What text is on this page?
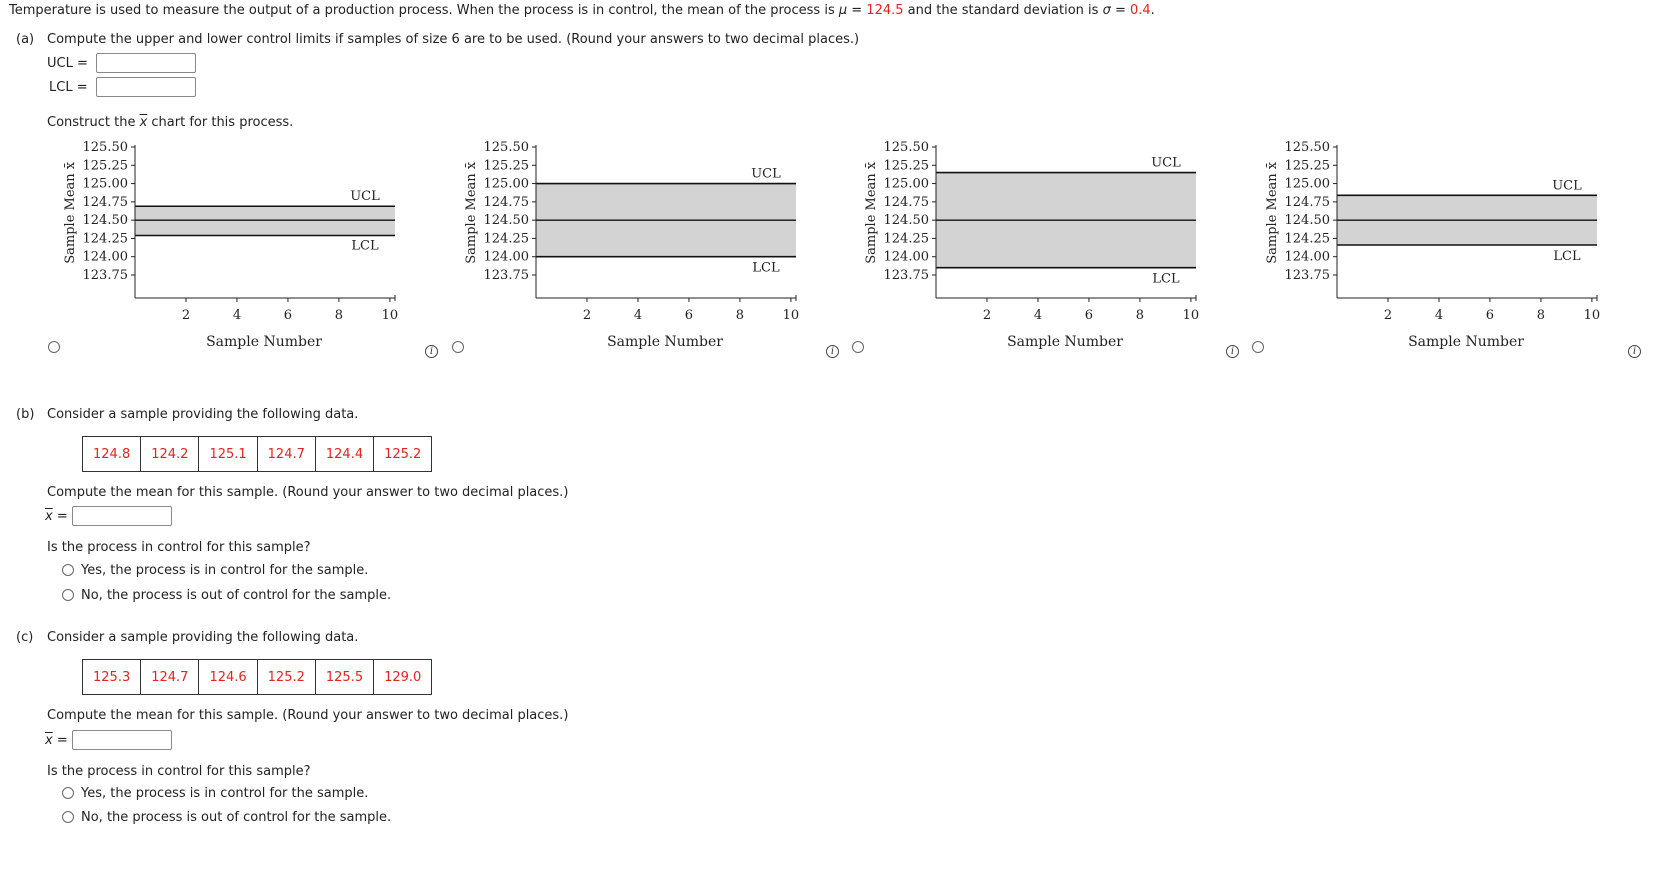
Temperature is used to measure the output of a production process. When the process is in control, the mean of the process is μ = 124.5 and the standard deviation is σ = 0.4.
(a) Compute the upper and lower control limits if samples of size 6 are to be used. (Round your answers to two decimal places.)
UCL =
LCL =
Construct the $\overline{x}$ chart for this process.
i
125.50
125.25
125.00
124.75
124.50
124.25
124.00
123.75
2	4	6	8	10
UCL
LCL
Sample Number
Sample Mean x̄
i
125.50
125.25
125.00
124.75
124.50
124.25
124.00
123.75
2	4	6	8	10
UCL
LCL
Sample Number
Sample Mean x̄
i
125.50
125.25
125.00
124.75
124.50
124.25
124.00
123.75
2	4	6	8	10
UCL
LCL
Sample Number
Sample Mean x̄
i
125.50
125.25
125.00
124.75
124.50
124.25
124.00
123.75
2	4	6	8	10
UCL
LCL
Sample Number
Sample Mean x̄
(b) Consider a sample providing the following data.
124.8	124.2	125.1	124.7	124.4	125.2
Compute the mean for this sample. (Round your answer to two decimal places.)
$\overline{x}$ =
Is the process in control for this sample?
Yes, the process is in control for the sample.
No, the process is out of control for the sample.
(c) Consider a sample providing the following data.
125.3	124.7	124.6	125.2	125.5	129.0
Compute the mean for this sample. (Round your answer to two decimal places.)
$\overline{x}$ =
Is the process in control for this sample?
Yes, the process is in control for the sample.
No, the process is out of control for the sample.
